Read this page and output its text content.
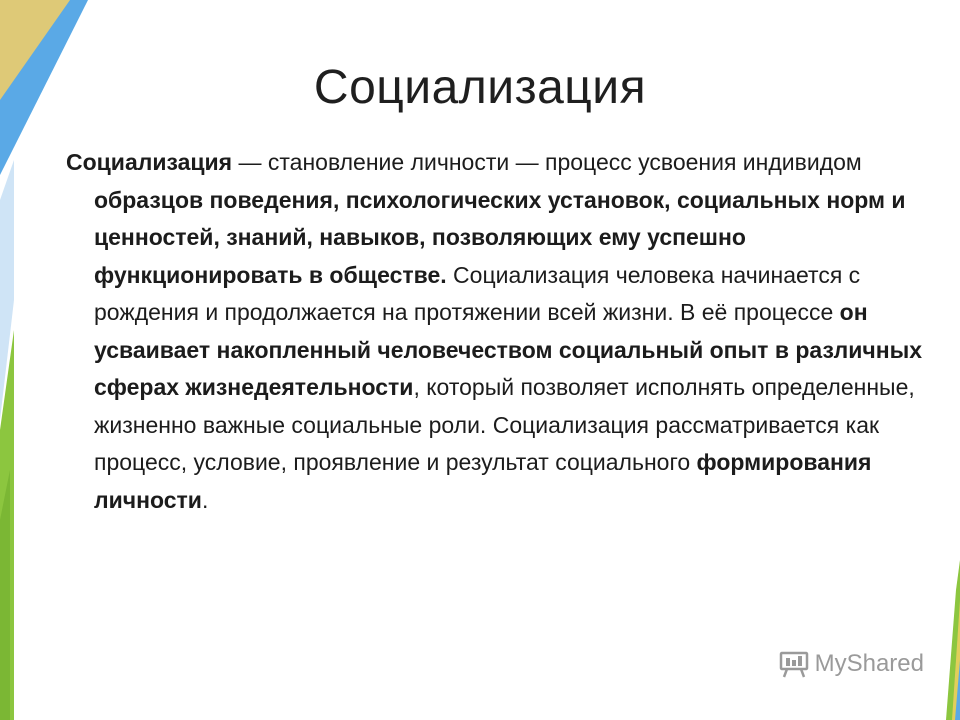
Социализация

Социализация — становление личности — процесс усвоения индивидом образцов поведения, психологических установок, социальных норм и ценностей, знаний, навыков, позволяющих ему успешно функционировать в обществе. Социализация человека начинается с рождения и продолжается на протяжении всей жизни. В её процессе он усваивает накопленный человечеством социальный опыт в различных сферах жизнедеятельности, который позволяет исполнять определенные, жизненно важные социальные роли. Социализация рассматривается как процесс, условие, проявление и результат социального формирования личности.

MyShared
